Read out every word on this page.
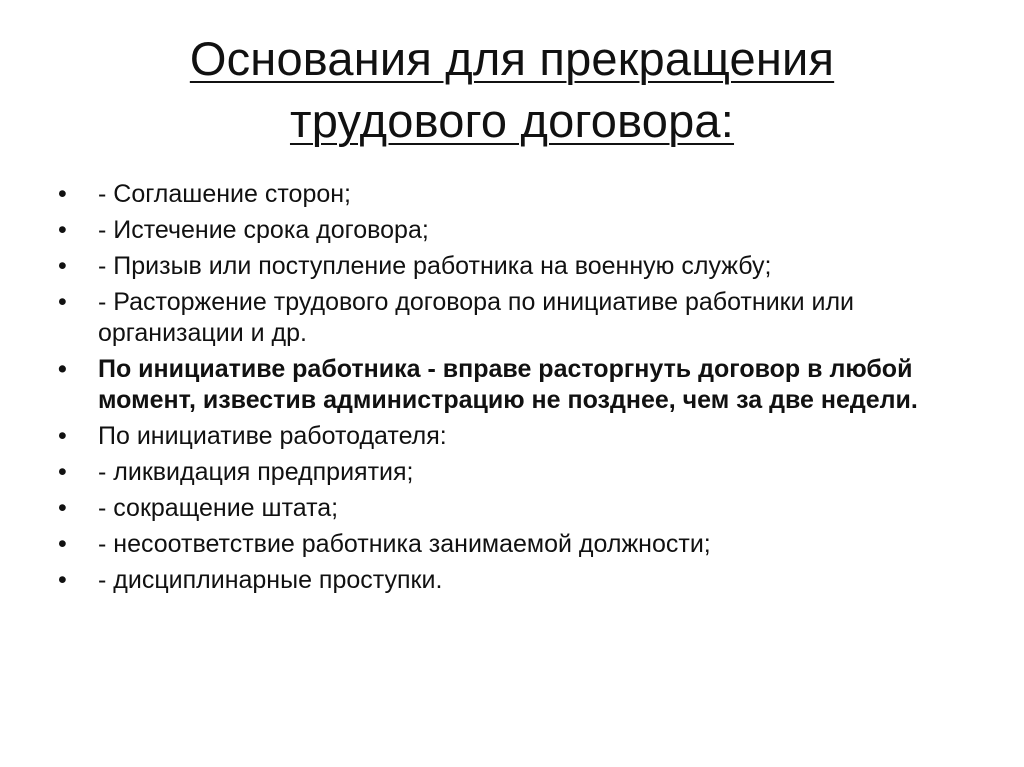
Основания для прекращения
трудового договора:
•	- Соглашение сторон;
•	- Истечение срока договора;
•	- Призыв или поступление работника на военную службу;
•	- Расторжение трудового договора по инициативе работники или организации и др.
•	По инициативе работника - вправе расторгнуть договор в любой момент, известив администрацию не позднее, чем за две недели.
•	По инициативе работодателя:
•	- ликвидация предприятия;
•	- сокращение штата;
•	- несоответствие работника занимаемой должности;
•	- дисциплинарные проступки.
